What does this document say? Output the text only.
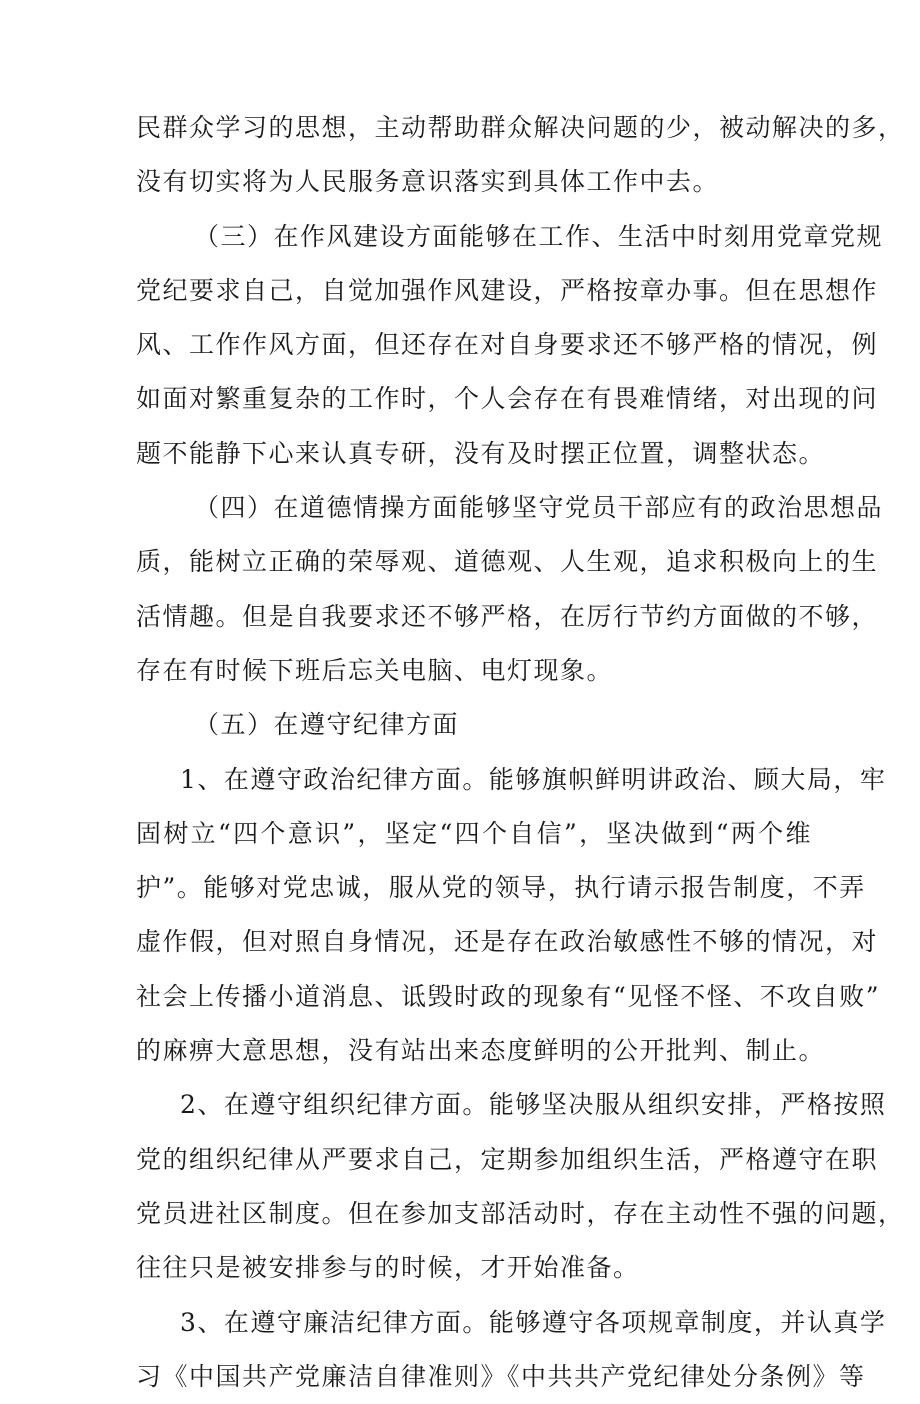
民群众学习的思想，主动帮助群众解决问题的少，被动解决的多，
没有切实将为人民服务意识落实到具体工作中去。
（三）在作风建设方面能够在工作、生活中时刻用党章党规
党纪要求自己，自觉加强作风建设，严格按章办事。但在思想作
风、工作作风方面，但还存在对自身要求还不够严格的情况，例
如面对繁重复杂的工作时，个人会存在有畏难情绪，对出现的问
题不能静下心来认真专研，没有及时摆正位置，调整状态。
（四）在道德情操方面能够坚守党员干部应有的政治思想品
质，能树立正确的荣辱观、道德观、人生观，追求积极向上的生
活情趣。但是自我要求还不够严格，在厉行节约方面做的不够，
存在有时候下班后忘关电脑、电灯现象。
（五）在遵守纪律方面
1、在遵守政治纪律方面。能够旗帜鲜明讲政治、顾大局，牢
固树立“四个意识”，坚定“四个自信”，坚决做到“两个维
护”。能够对党忠诚，服从党的领导，执行请示报告制度，不弄
虚作假，但对照自身情况，还是存在政治敏感性不够的情况，对
社会上传播小道消息、诋毁时政的现象有“见怪不怪、不攻自败”
的麻痹大意思想，没有站出来态度鲜明的公开批判、制止。
2、在遵守组织纪律方面。能够坚决服从组织安排，严格按照
党的组织纪律从严要求自己，定期参加组织生活，严格遵守在职
党员进社区制度。但在参加支部活动时，存在主动性不强的问题，
往往只是被安排参与的时候，才开始准备。
3、在遵守廉洁纪律方面。能够遵守各项规章制度，并认真学
习《中国共产党廉洁自律准则》《中共共产党纪律处分条例》等
